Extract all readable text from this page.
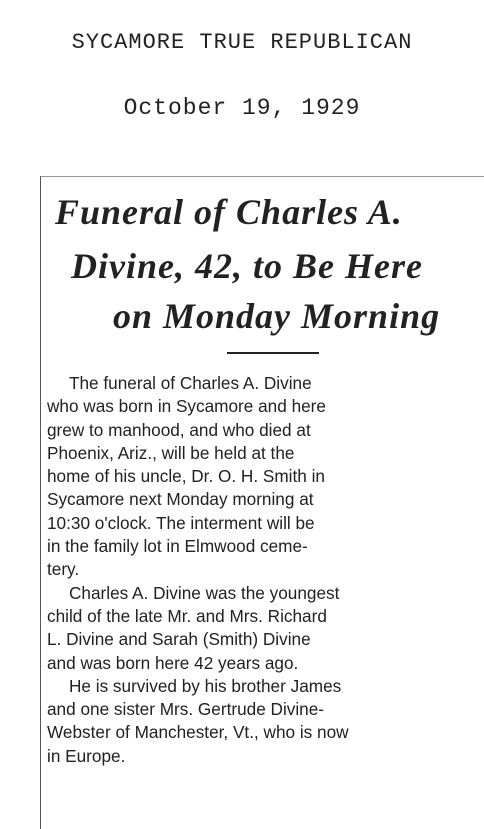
SYCAMORE TRUE REPUBLICAN
October 19, 1929
Funeral of Charles A.
Divine, 42, to Be Here
on Monday Morning
The funeral of Charles A. Divine
who was born in Sycamore and here
grew to manhood, and who died at
Phoenix, Ariz., will be held at the
home of his uncle, Dr. O. H. Smith in
Sycamore next Monday morning at
10:30 o'clock. The interment will be
in the family lot in Elmwood ceme-
tery.
Charles A. Divine was the youngest
child of the late Mr. and Mrs. Richard
L. Divine and Sarah (Smith) Divine
and was born here 42 years ago.
He is survived by his brother James
and one sister Mrs. Gertrude Divine-
Webster of Manchester, Vt., who is now
in Europe.
